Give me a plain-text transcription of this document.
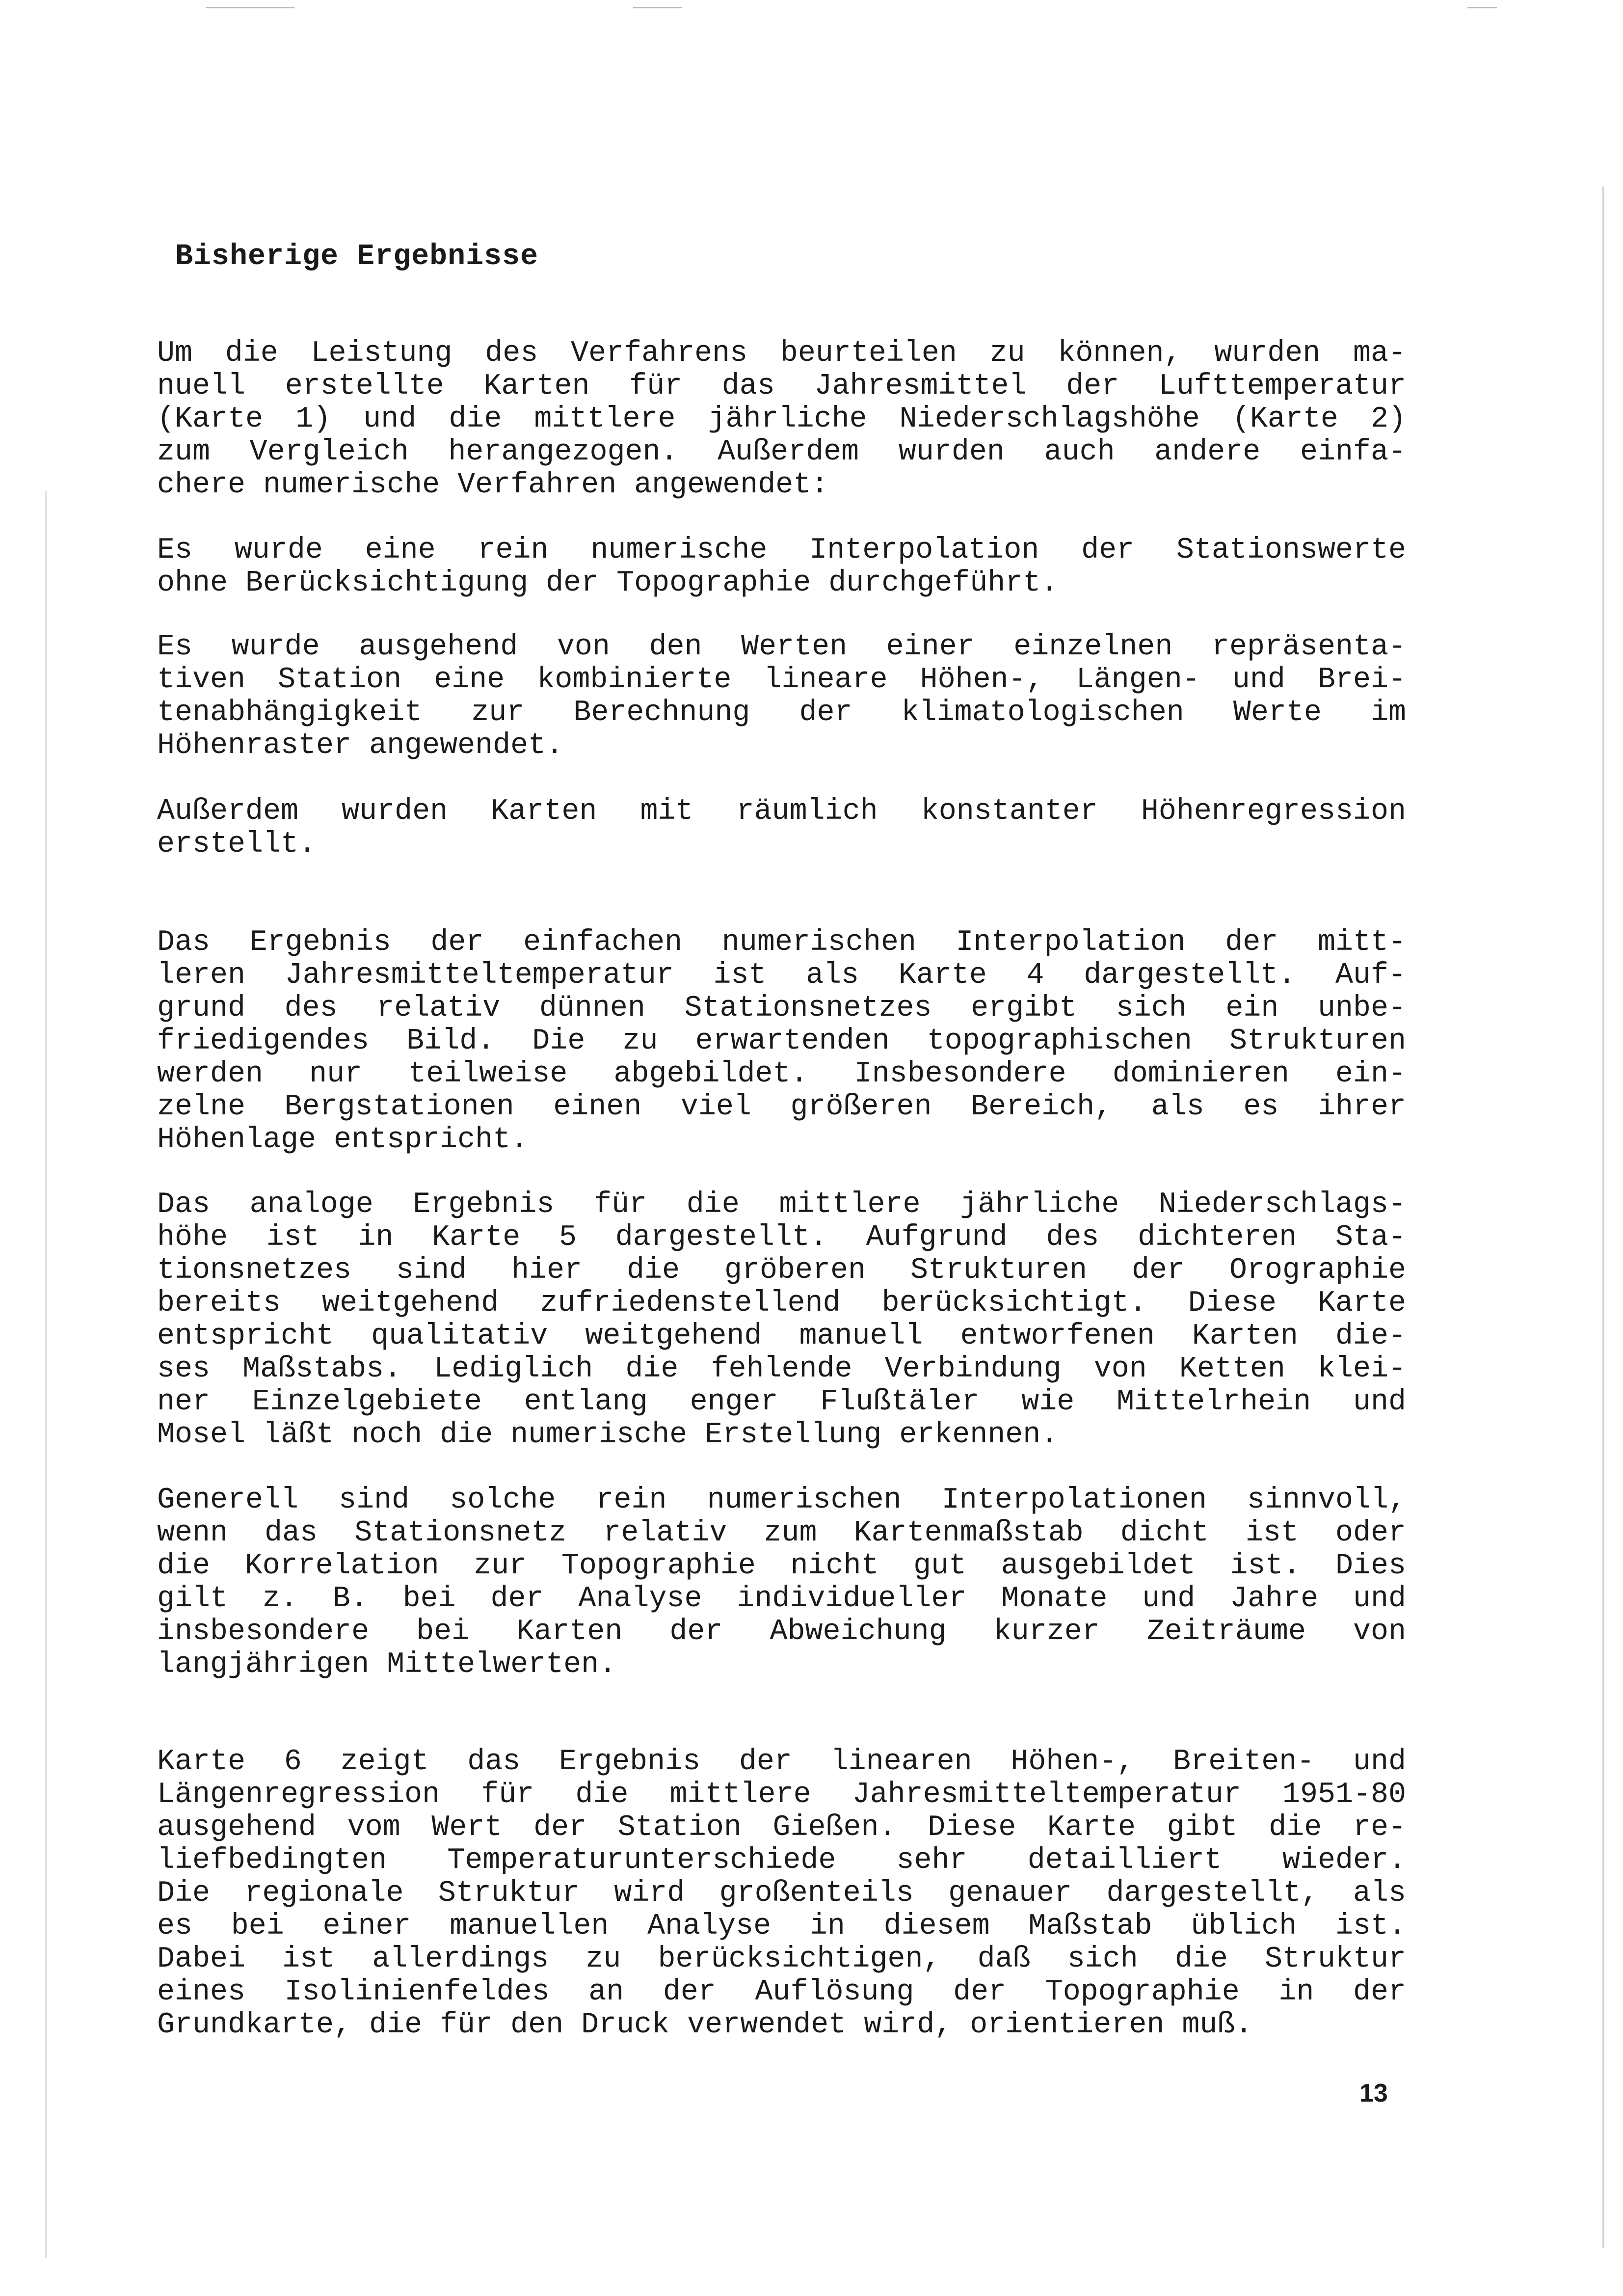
Bisherige Ergebnisse
Um die Leistung des Verfahrens beurteilen zu können, wurden ma-
nuell erstellte Karten für das Jahresmittel der Lufttemperatur
(Karte 1) und die mittlere jährliche Niederschlagshöhe (Karte 2)
zum Vergleich herangezogen. Außerdem wurden auch andere einfa-
chere numerische Verfahren angewendet:
Es wurde eine rein numerische Interpolation der Stationswerte
ohne Berücksichtigung der Topographie durchgeführt.
Es wurde ausgehend von den Werten einer einzelnen repräsenta-
tiven Station eine kombinierte lineare Höhen-, Längen- und Brei-
tenabhängigkeit zur Berechnung der klimatologischen Werte im
Höhenraster angewendet.
Außerdem wurden Karten mit räumlich konstanter Höhenregression
erstellt.
Das Ergebnis der einfachen numerischen Interpolation der mitt-
leren Jahresmitteltemperatur ist als Karte 4 dargestellt. Auf-
grund des relativ dünnen Stationsnetzes ergibt sich ein unbe-
friedigendes Bild. Die zu erwartenden topographischen Strukturen
werden nur teilweise abgebildet. Insbesondere dominieren ein-
zelne Bergstationen einen viel größeren Bereich, als es ihrer
Höhenlage entspricht.
Das analoge Ergebnis für die mittlere jährliche Niederschlags-
höhe ist in Karte 5 dargestellt. Aufgrund des dichteren Sta-
tionsnetzes sind hier die gröberen Strukturen der Orographie
bereits weitgehend zufriedenstellend berücksichtigt. Diese Karte
entspricht qualitativ weitgehend manuell entworfenen Karten die-
ses Maßstabs. Lediglich die fehlende Verbindung von Ketten klei-
ner Einzelgebiete entlang enger Flußtäler wie Mittelrhein und
Mosel läßt noch die numerische Erstellung erkennen.
Generell sind solche rein numerischen Interpolationen sinnvoll,
wenn das Stationsnetz relativ zum Kartenmaßstab dicht ist oder
die Korrelation zur Topographie nicht gut ausgebildet ist. Dies
gilt z. B. bei der Analyse individueller Monate und Jahre und
insbesondere bei Karten der Abweichung kurzer Zeiträume von
langjährigen Mittelwerten.
Karte 6 zeigt das Ergebnis der linearen Höhen-, Breiten- und
Längenregression für die mittlere Jahresmitteltemperatur 1951-80
ausgehend vom Wert der Station Gießen. Diese Karte gibt die re-
liefbedingten Temperaturunterschiede sehr detailliert wieder.
Die regionale Struktur wird großenteils genauer dargestellt, als
es bei einer manuellen Analyse in diesem Maßstab üblich ist.
Dabei ist allerdings zu berücksichtigen, daß sich die Struktur
eines Isolinienfeldes an der Auflösung der Topographie in der
Grundkarte, die für den Druck verwendet wird, orientieren muß.
13
